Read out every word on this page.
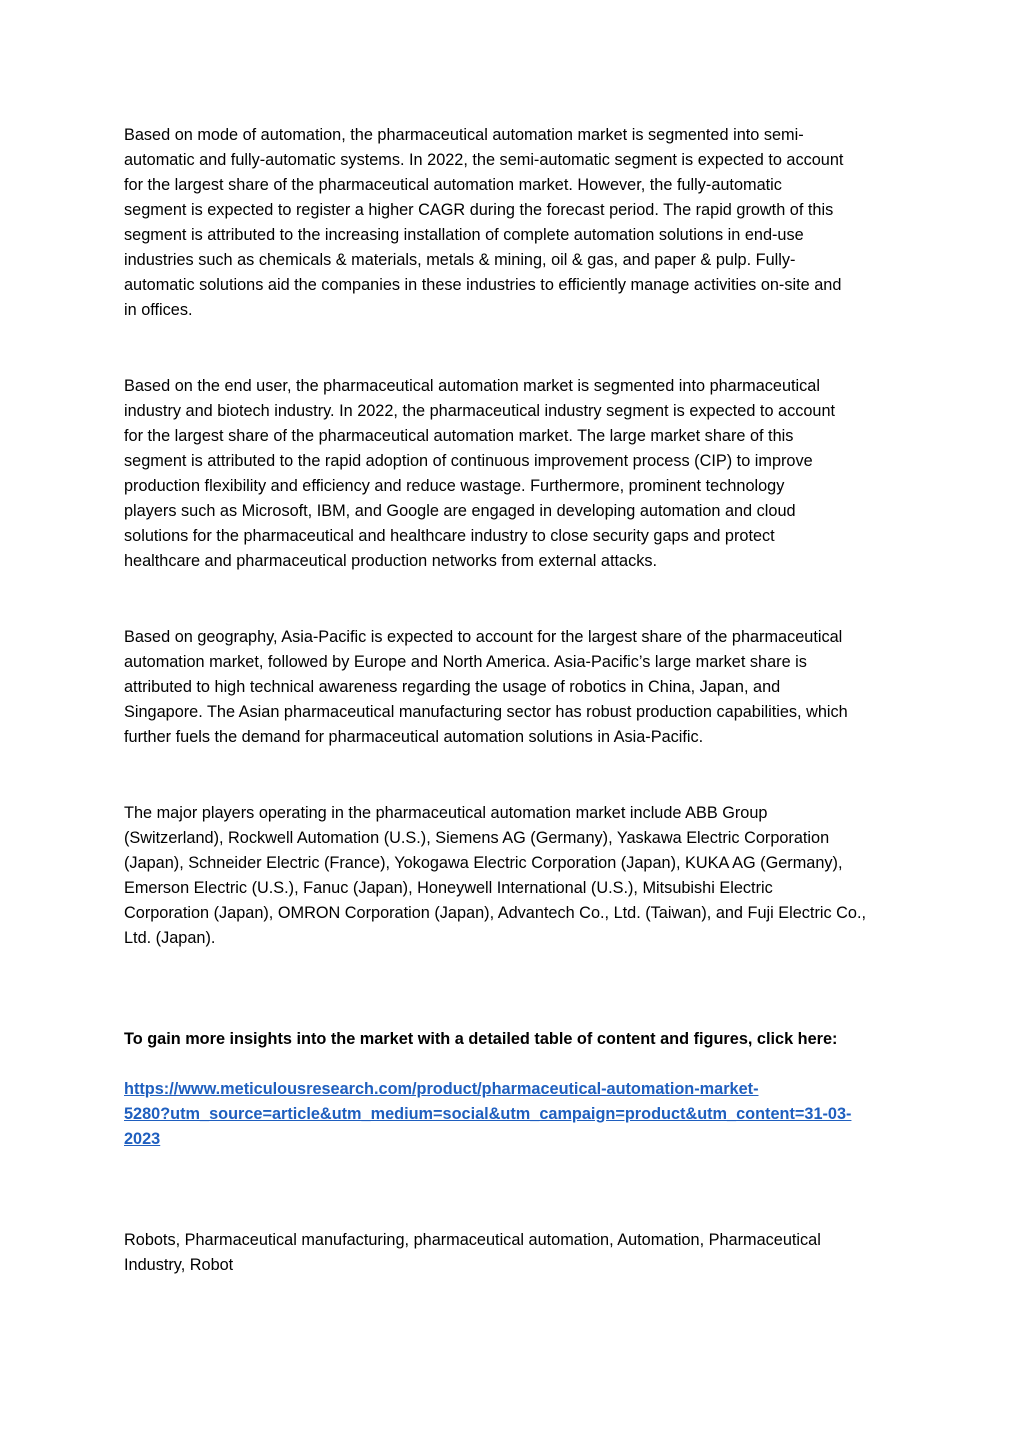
Based on mode of automation, the pharmaceutical automation market is segmented into semi-
automatic and fully-automatic systems. In 2022, the semi-automatic segment is expected to account
for the largest share of the pharmaceutical automation market. However, the fully-automatic
segment is expected to register a higher CAGR during the forecast period. The rapid growth of this
segment is attributed to the increasing installation of complete automation solutions in end-use
industries such as chemicals & materials, metals & mining, oil & gas, and paper & pulp. Fully-
automatic solutions aid the companies in these industries to efficiently manage activities on-site and
in offices.

Based on the end user, the pharmaceutical automation market is segmented into pharmaceutical
industry and biotech industry. In 2022, the pharmaceutical industry segment is expected to account
for the largest share of the pharmaceutical automation market. The large market share of this
segment is attributed to the rapid adoption of continuous improvement process (CIP) to improve
production flexibility and efficiency and reduce wastage. Furthermore, prominent technology
players such as Microsoft, IBM, and Google are engaged in developing automation and cloud
solutions for the pharmaceutical and healthcare industry to close security gaps and protect
healthcare and pharmaceutical production networks from external attacks.

Based on geography, Asia-Pacific is expected to account for the largest share of the pharmaceutical
automation market, followed by Europe and North America. Asia-Pacific’s large market share is
attributed to high technical awareness regarding the usage of robotics in China, Japan, and
Singapore. The Asian pharmaceutical manufacturing sector has robust production capabilities, which
further fuels the demand for pharmaceutical automation solutions in Asia-Pacific.

The major players operating in the pharmaceutical automation market include ABB Group
(Switzerland), Rockwell Automation (U.S.), Siemens AG (Germany), Yaskawa Electric Corporation
(Japan), Schneider Electric (France), Yokogawa Electric Corporation (Japan), KUKA AG (Germany),
Emerson Electric (U.S.), Fanuc (Japan), Honeywell International (U.S.), Mitsubishi Electric
Corporation (Japan), OMRON Corporation (Japan), Advantech Co., Ltd. (Taiwan), and Fuji Electric Co.,
Ltd. (Japan).

To gain more insights into the market with a detailed table of content and figures, click here:

https://www.meticulousresearch.com/product/pharmaceutical-automation-market-
5280?utm_source=article&utm_medium=social&utm_campaign=product&utm_content=31-03-
2023

Robots, Pharmaceutical manufacturing, pharmaceutical automation, Automation, Pharmaceutical
Industry, Robot
